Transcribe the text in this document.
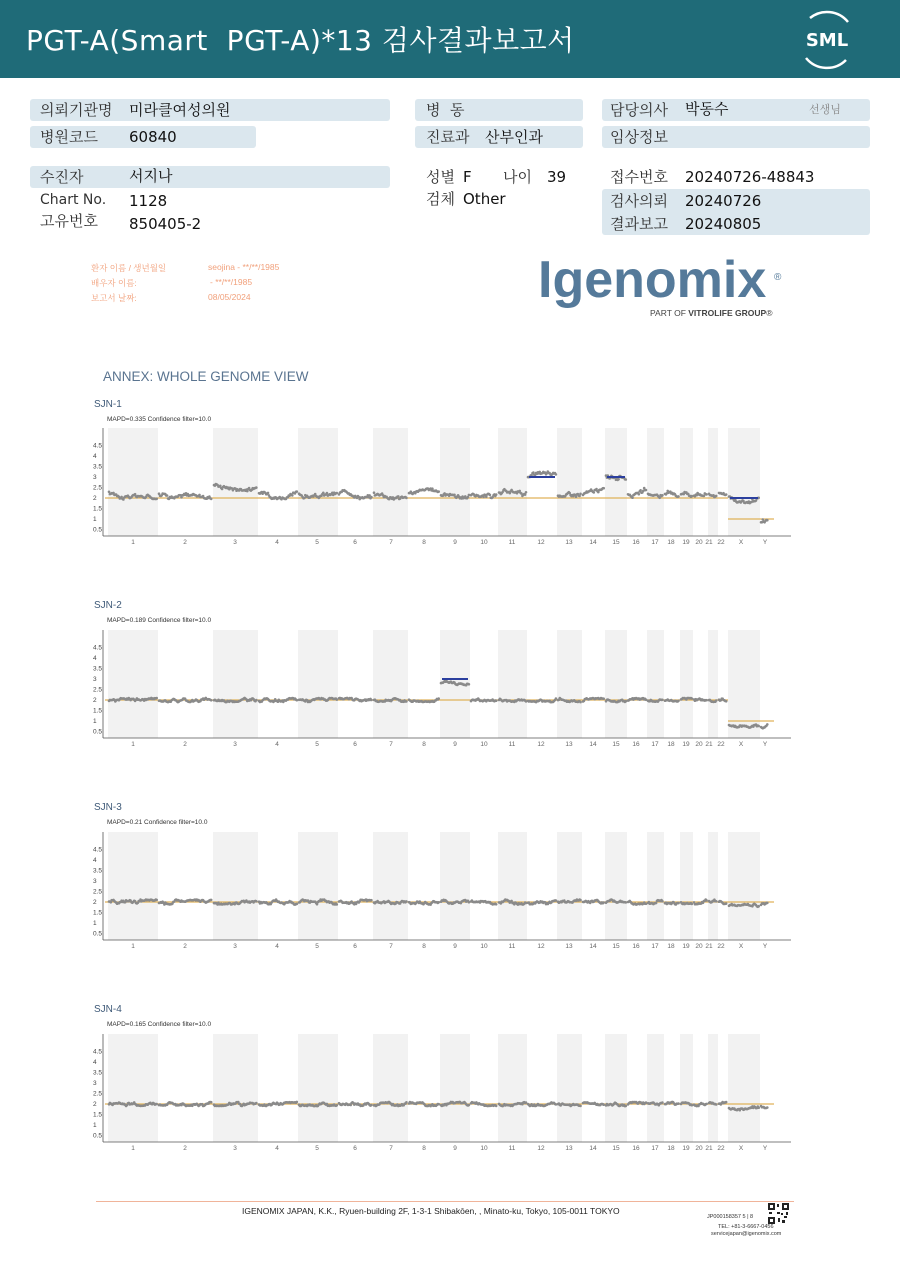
PGT-A(Smart  PGT-A)*13 검사결과보고서	SML
의뢰기관명 미라클여성의원
병원코드 60840
병  동
진료과 산부인과
담당의사 박동수	선생님
임상정보
수진자	서지나
Chart No. 1128
고유번호 850405-2
성별 F 나이 39
검체 Other
접수번호 20240726-48843
검사의뢰 20240726
결과보고 20240805
환자 이름 / 생년월일	seojina - **/**/1985
배우자 이름:	- **/**/1985
보고서 날짜:	08/05/2024	Igenomix ®
PART OF VITROLIFE GROUP®
ANNEX: WHOLE GENOME VIEW
SJN-1
MAPD=0.335 Confidence filter=10.0
4.5
4
3.5
3
2.5
2
1.5
1
0.5
1	2	3	4	5	6	7	8	9	10	11	12	13	14 15 16 17 18 19 20 21 22 X	Y
SJN-2
MAPD=0.189 Confidence filter=10.0
4.5
4
3.5
3
2.5
2
1.5
1
0.5
1	2	3	4	5	6	7	8	9	10	11	12	13	14 15 16 17 18 19 20 21 22 X	Y
SJN-3
MAPD=0.21 Confidence filter=10.0
4.5
4
3.5
3
2.5
2
1.5
1
0.5
1	2	3	4	5	6	7	8	9	10	11	12	13	14 15 16 17 18 19 20 21 22 X	Y
SJN-4
MAPD=0.165 Confidence filter=10.0
4.5
4
3.5
3
2.5
2
1.5
1
0.5
1	2	3	4	5	6	7	8	9	10	11	12	13	14 15 16 17 18 19 20 21 22 X	Y
IGENOMIX JAPAN, K.K., Ryuen-building 2F, 1-3-1 Shibakōen, , Minato-ku, Tokyo, 105-0011 TOKYO
JP000158357 5 | 8
TEL: +81-3-6667-0456
servicejapan@igenomix.com
